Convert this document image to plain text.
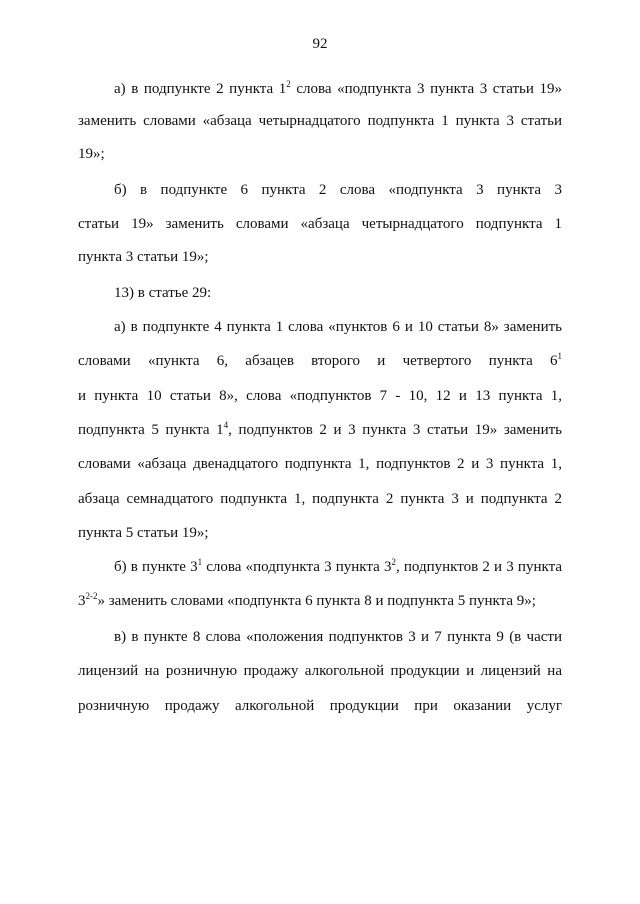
92
а) в подпункте 2 пункта $1^2$ слова «подпункта 3 пункта 3 статьи 19»
заменить словами «абзаца четырнадцатого подпункта 1 пункта 3 статьи
19»;
б) в подпункте 6 пункта 2 слова «подпункта 3 пункта 3
статьи 19» заменить словами «абзаца четырнадцатого подпункта 1
пункта 3 статьи 19»;
13) в статье 29:
а) в подпункте 4 пункта 1 слова «пунктов 6 и 10 статьи 8» заменить
словами «пункта 6, абзацев второго и четвертого пункта $6^1$
и пункта 10 статьи 8», слова «подпунктов 7 - 10, 12 и 13 пункта 1,
подпункта 5 пункта $1^4$, подпунктов 2 и 3 пункта 3 статьи 19» заменить
словами «абзаца двенадцатого подпункта 1, подпунктов 2 и 3 пункта 1,
абзаца семнадцатого подпункта 1, подпункта 2 пункта 3 и подпункта 2
пункта 5 статьи 19»;
б) в пункте $3^1$ слова «подпункта 3 пункта $3^2$, подпунктов 2 и 3 пункта
3$^{2-2}$» заменить словами «подпункта 6 пункта 8 и подпункта 5 пункта 9»;
в) в пункте 8 слова «положения подпунктов 3 и 7 пункта 9 (в части
лицензий на розничную продажу алкогольной продукции и лицензий на
розничную продажу алкогольной продукции при оказании услуг
